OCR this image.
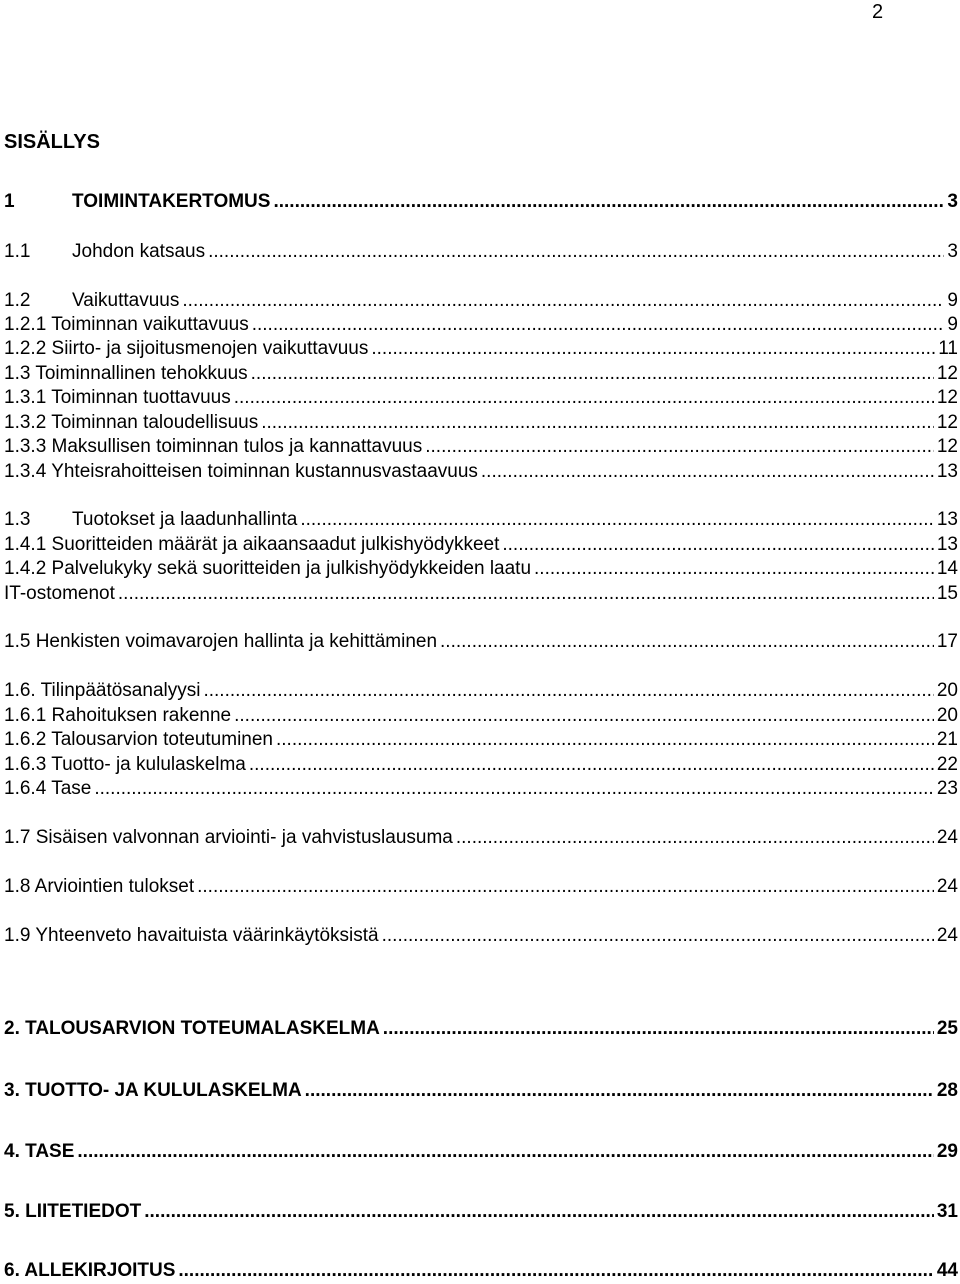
2
SISÄLLYS
1	TOIMINTAKERTOMUS .....	3
1.1	Johdon katsaus .....	3
1.2	Vaikuttavuus .....	9
1.2.1 Toiminnan vaikuttavuus .....	9
1.2.2 Siirto- ja sijoitusmenojen vaikuttavuus .....	11
1.3 Toiminnallinen tehokkuus .....	12
1.3.1 Toiminnan tuottavuus .....	12
1.3.2 Toiminnan taloudellisuus .....	12
1.3.3 Maksullisen toiminnan tulos ja kannattavuus .....	12
1.3.4 Yhteisrahoitteisen toiminnan kustannusvastaavuus .....	13
1.3	Tuotokset ja laadunhallinta .....	13
1.4.1 Suoritteiden määrät ja aikaansaadut julkishyödykkeet .....	13
1.4.2 Palvelukyky sekä suoritteiden ja julkishyödykkeiden laatu .....	14
IT-ostomenot .....	15
1.5 Henkisten voimavarojen hallinta ja kehittäminen .....	17
1.6. Tilinpäätösanalyysi .....	20
1.6.1 Rahoituksen rakenne .....	20
1.6.2 Talousarvion toteutuminen .....	21
1.6.3 Tuotto- ja kululaskelma .....	22
1.6.4 Tase .....	23
1.7 Sisäisen valvonnan arviointi- ja vahvistuslausuma .....	24
1.8 Arviointien tulokset .....	24
1.9 Yhteenveto havaituista väärinkäytöksistä .....	24
2. TALOUSARVION TOTEUMALASKELMA .....	25
3. TUOTTO- JA KULULASKELMA .....	28
4. TASE .....	29
5. LIITETIEDOT .....	31
6. ALLEKIRJOITUS .....	44
